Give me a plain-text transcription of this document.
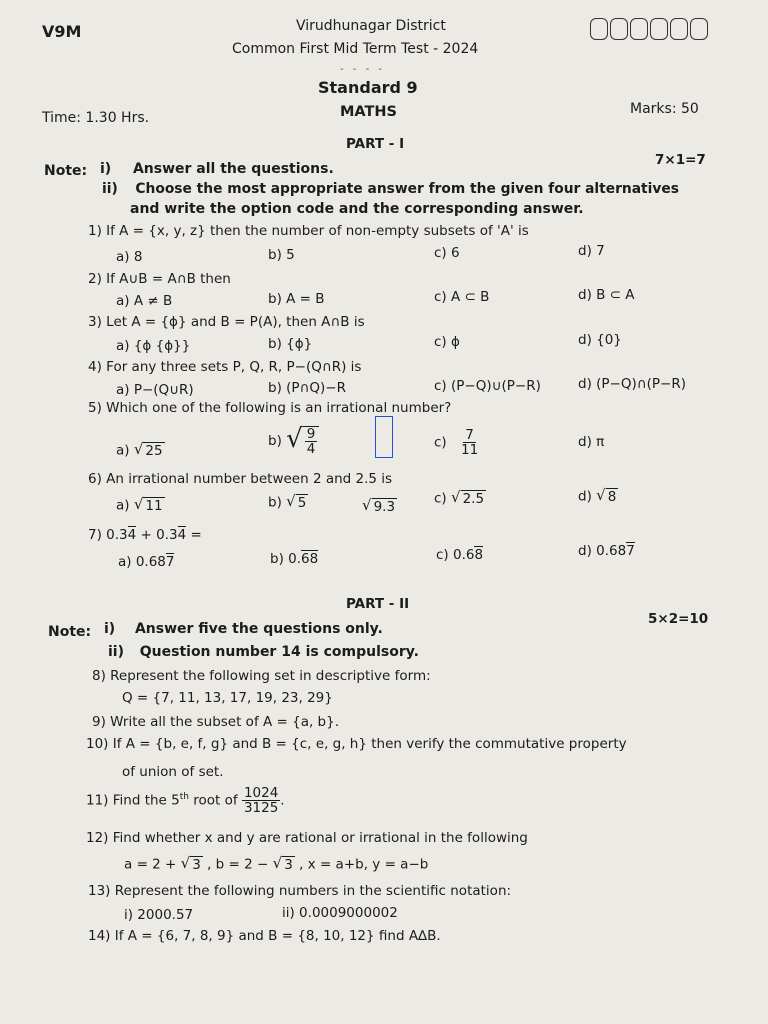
V9M	Virudhunagar District
Common First Mid Term Test - 2024
- - - -
Standard 9
MATHS
Time: 1.30 Hrs.
Marks: 50
PART - I
7×1=7
Note: i) Answer all the questions.
ii) Choose the most appropriate answer from the given four alternatives
and write the option code and the corresponding answer.
1) If A = {x, y, z} then the number of non-empty subsets of 'A' is
a) 8	b) 5	c) 6	d) 7
2) If A∪B = A∩B then
a) A ≠ B	b) A = B	c) A ⊂ B	d) B ⊂ A
3) Let A = {ϕ} and B = P(A), then A∩B is
a) {ϕ {ϕ}}	b) {ϕ}	c) ϕ	d) {0}
4) For any three sets P, Q, R, P−(Q∩R) is
a) P−(Q∪R)	b) (P∩Q)−R	c) (P−Q)∪(P−R)	d) (P−Q)∩(P−R)
5) Which one of the following is an irrational number?
a) √ 25
b) √ $\frac{9}{4}$	$c) \frac{7}{11}$	d) π
6) An irrational number between 2 and 2.5 is
a) √ 11	b) √ 5	√ 9.3
c) √ 2.5	d) √ 8
7) 0.34 + 0.34 =
a) 0.687	b) 0.68	c) 0.68	d) 0.687
PART - II
5×2=10
Note: i) Answer five the questions only.
ii) Question number 14 is compulsory.
8) Represent the following set in descriptive form:
Q = {7, 11, 13, 17, 19, 23, 29}
9) Write all the subset of A = {a, b}.
10) If A = {b, e, f, g} and B = {c, e, g, h} then verify the commutative property
of union of set.
11) Find the 5th root of $\frac{1024}{3125}$ .
12) Find whether x and y are rational or irrational in the following
a = 2 + √ 3 , b = 2 − √ 3 , x = a+b, y = a−b
13) Represent the following numbers in the scientific notation:
i) 2000.57	ii) 0.0009000002
14) If A = {6, 7, 8, 9} and B = {8, 10, 12} find A∆B.
